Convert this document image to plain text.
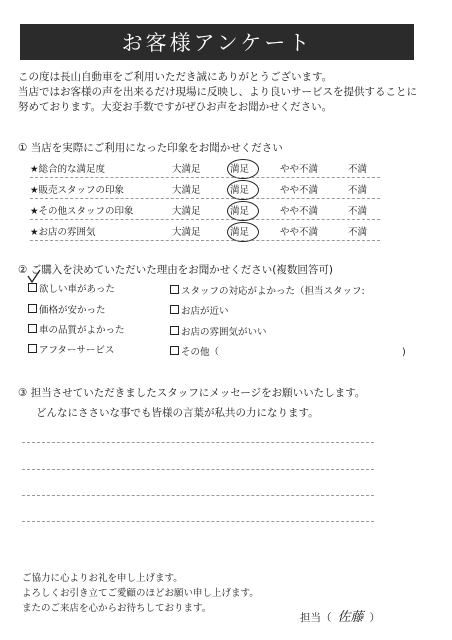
お客様アンケート
この度は長山自動車をご利用いただき誠にありがとうございます。
当店ではお客様の声を出来るだけ現場に反映し、より良いサービスを提供することに
努めております。大変お手数ですがぜひお声をお聞かせください。
① 当店を実際にご利用になった印象をお聞かせください
★総合的な満足度	大満足	満足	やや不満	不満
★販売スタッフの印象	大満足	満足	やや不満	不満
★その他スタッフの印象	大満足	満足	やや不満	不満
★お店の雰囲気	大満足	満足	やや不満	不満
② ご購入を決めていただいた理由をお聞かせください(複数回答可)
欲しい車があった
価格が安かった
車の品質がよかった
アフターサービス
スタッフの対応がよかった（担当スタッフ:
お店が近い
お店の雰囲気がいい
その他（	)
③ 担当させていただきましたスタッフにメッセージをお願いいたします。
どんなにささいな事でも皆様の言葉が私共の力になります。
ご協力に心よりお礼を申し上げます。
よろしくお引き立てご愛顧のほどお願い申し上げます。
またのご来店を心からお待ちしております。
担当（ 佐藤 ）
